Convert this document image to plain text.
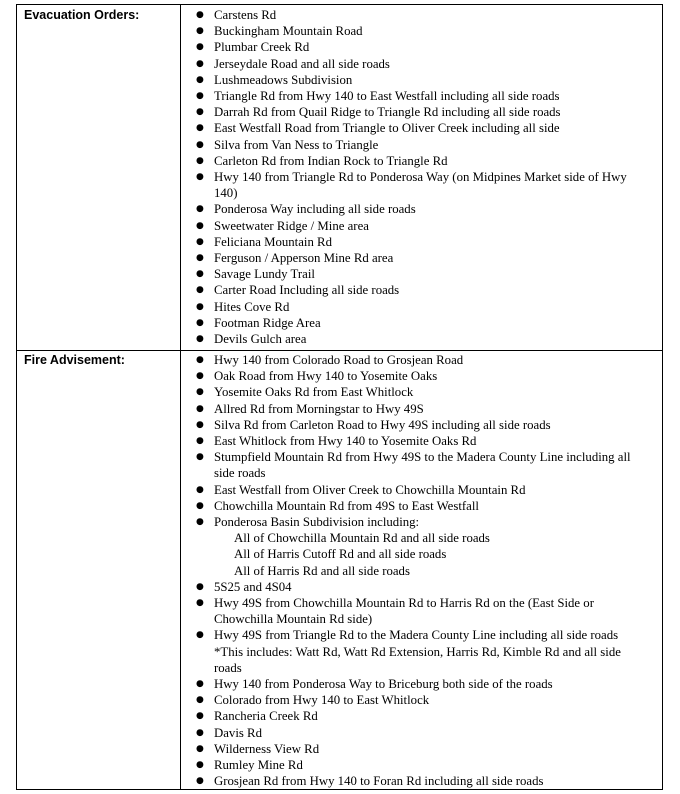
Evacuation Orders:	● Carstens Rd
● Buckingham Mountain Road
● Plumbar Creek Rd
● Jerseydale Road and all side roads
● Lushmeadows Subdivision
● Triangle Rd from Hwy 140 to East Westfall including all side roads
● Darrah Rd from Quail Ridge to Triangle Rd including all side roads
● East Westfall Road from Triangle to Oliver Creek including all side
● Silva from Van Ness to Triangle
● Carleton Rd from Indian Rock to Triangle Rd
● Hwy 140 from Triangle Rd to Ponderosa Way (on Midpines Market side of Hwy 140)
● Ponderosa Way including all side roads
● Sweetwater Ridge / Mine area
● Feliciana Mountain Rd
● Ferguson / Apperson Mine Rd area
● Savage Lundy Trail
● Carter Road Including all side roads
● Hites Cove Rd
● Footman Ridge Area
● Devils Gulch area
Fire Advisement:	● Hwy 140 from Colorado Road to Grosjean Road
● Oak Road from Hwy 140 to Yosemite Oaks
● Yosemite Oaks Rd from East Whitlock
● Allred Rd from Morningstar to Hwy 49S
● Silva Rd from Carleton Road to Hwy 49S including all side roads
● East Whitlock from Hwy 140 to Yosemite Oaks Rd
● Stumpfield Mountain Rd from Hwy 49S to the Madera County Line including all side roads
● East Westfall from Oliver Creek to Chowchilla Mountain Rd
● Chowchilla Mountain Rd from 49S to East Westfall
● Ponderosa Basin Subdivision including:
All of Chowchilla Mountain Rd and all side roads
All of Harris Cutoff Rd and all side roads
All of Harris Rd and all side roads
● 5S25 and 4S04
● Hwy 49S from Chowchilla Mountain Rd to Harris Rd on the (East Side or Chowchilla Mountain Rd side)
● Hwy 49S from Triangle Rd to the Madera County Line including all side roads *This includes: Watt Rd, Watt Rd Extension, Harris Rd, Kimble Rd and all side roads
● Hwy 140 from Ponderosa Way to Briceburg both side of the roads
● Colorado from Hwy 140 to East Whitlock
● Rancheria Creek Rd
● Davis Rd
● Wilderness View Rd
● Rumley Mine Rd
● Grosjean Rd from Hwy 140 to Foran Rd including all side roads
